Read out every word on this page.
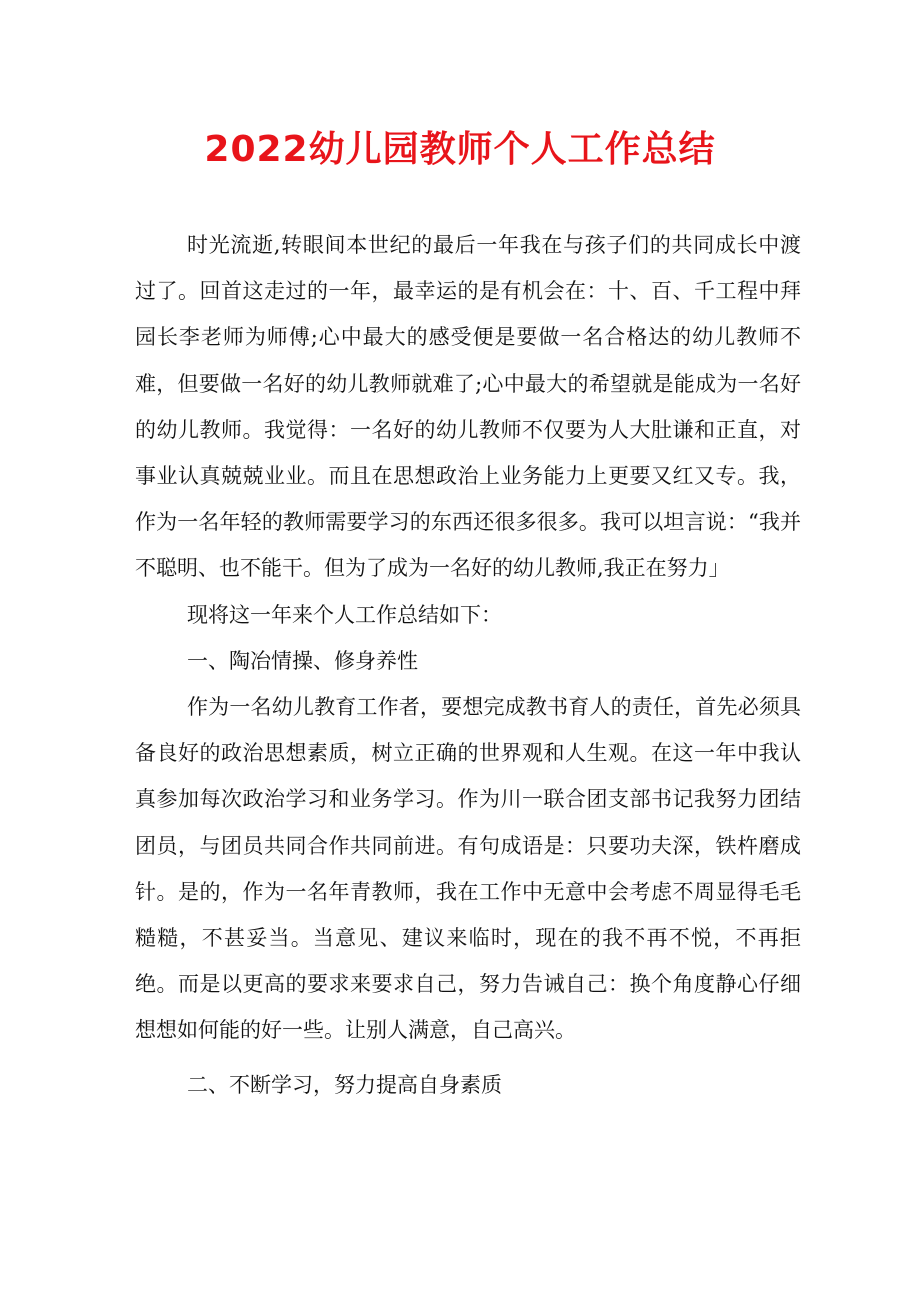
2022幼儿园教师个人工作总结

时光流逝,转眼间本世纪的最后一年我在与孩子们的共同成长中渡过了。回首这走过的一年，最幸运的是有机会在：十、百、千工程中拜园长李老师为师傅;心中最大的感受便是要做一名合格达的幼儿教师不难，但要做一名好的幼儿教师就难了;心中最大的希望就是能成为一名好的幼儿教师。我觉得：一名好的幼儿教师不仅要为人大肚谦和正直，对事业认真兢兢业业。而且在思想政治上业务能力上更要又红又专。我，作为一名年轻的教师需要学习的东西还很多很多。我可以坦言说：“我并不聪明、也不能干。但为了成为一名好的幼儿教师,我正在努力」

现将这一年来个人工作总结如下：

一、陶冶情操、修身养性

作为一名幼儿教育工作者，要想完成教书育人的责任，首先必须具备良好的政治思想素质，树立正确的世界观和人生观。在这一年中我认真参加每次政治学习和业务学习。作为川一联合团支部书记我努力团结团员，与团员共同合作共同前进。有句成语是：只要功夫深，铁杵磨成针。是的，作为一名年青教师，我在工作中无意中会考虑不周显得毛毛糙糙，不甚妥当。当意见、建议来临时，现在的我不再不悦，不再拒绝。而是以更高的要求来要求自己，努力告诫自己：换个角度静心仔细想想如何能的好一些。让别人满意，自己高兴。

二、不断学习，努力提高自身素质
